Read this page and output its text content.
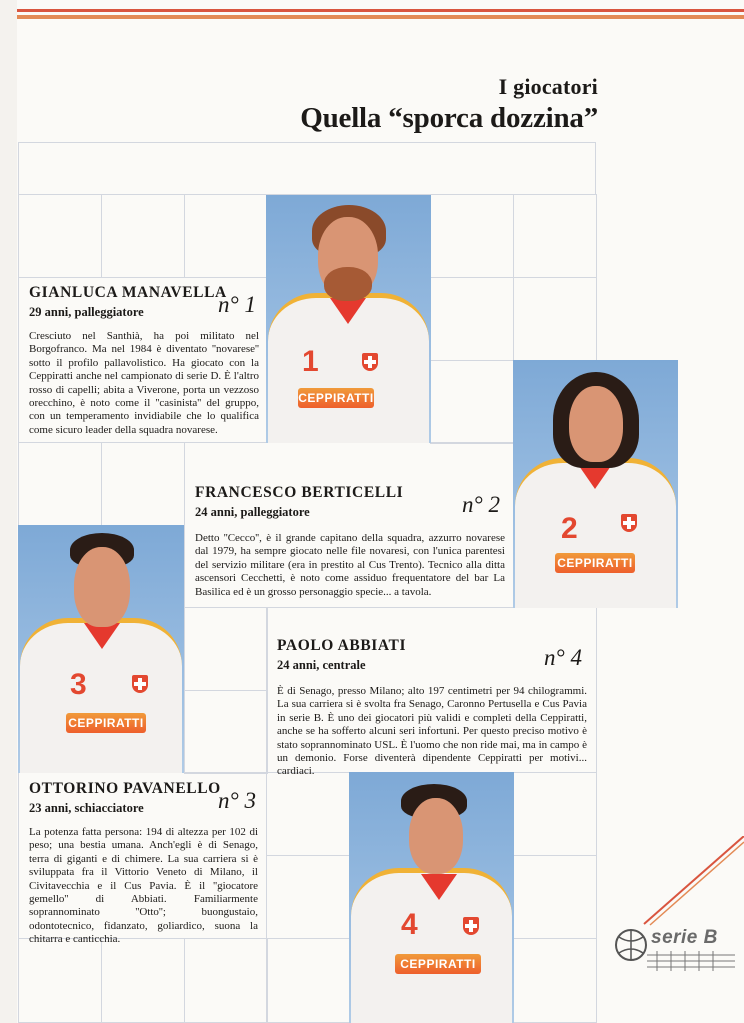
I giocatori
Quella “sporca dozzina”
1
CEPPIRATTI
2
CEPPIRATTI
3
CEPPIRATTI
4
CEPPIRATTI
GIANLUCA MANAVELLA
29 anni, palleggiatore
Cresciuto nel Santhià, ha poi militato nel Borgofranco. Ma nel 1984 è diventato ''novarese'' sotto il profilo pallavolistico. Ha giocato con la Ceppiratti anche nel campionato di serie D. È l'altro rosso di capelli; abita a Viverone, porta un vezzoso orecchino, è noto come il ''casinista'' del gruppo, con un temperamento invidiabile che lo qualifica come sicuro leader della squadra novarese.
n° 1
FRANCESCO BERTICELLI
24 anni, palleggiatore
Detto ''Cecco'', è il grande capitano della squadra, azzurro novarese dal 1979, ha sempre giocato nelle file novaresi, con l'unica parentesi del servizio militare (era in prestito al Cus Trento). Tecnico alla ditta ascensori Cecchetti, è noto come assiduo frequentatore del bar La Basilica ed è un grosso personaggio specie... a tavola.
n° 2
PAOLO ABBIATI
24 anni, centrale
È di Senago, presso Milano; alto 197 centimetri per 94 chilogrammi. La sua carriera si è svolta fra Senago, Caronno Pertusella e Cus Pavia in serie B. È uno dei giocatori più validi e completi della Ceppiratti, anche se ha sofferto alcuni seri infortuni. Per questo preciso motivo è stato soprannominato USL. È l'uomo che non ride mai, ma in campo è un demonio. Forse diventerà dipendente Ceppiratti per motivi... cardiaci.
n° 4
OTTORINO PAVANELLO
23 anni, schiacciatore
La potenza fatta persona: 194 di altezza per 102 di peso; una bestia umana. Anch'egli è di Senago, terra di giganti e di chimere. La sua carriera si è sviluppata fra il Vittorio Veneto di Milano, il Civitavecchia e il Cus Pavia. È il ''giocatore gemello'' di Abbiati. Familiarmente soprannominato ''Otto''; buongustaio, odontotecnico, fidanzato, goliardico, suona la chitarra e canticchia.
n° 3
serie B
